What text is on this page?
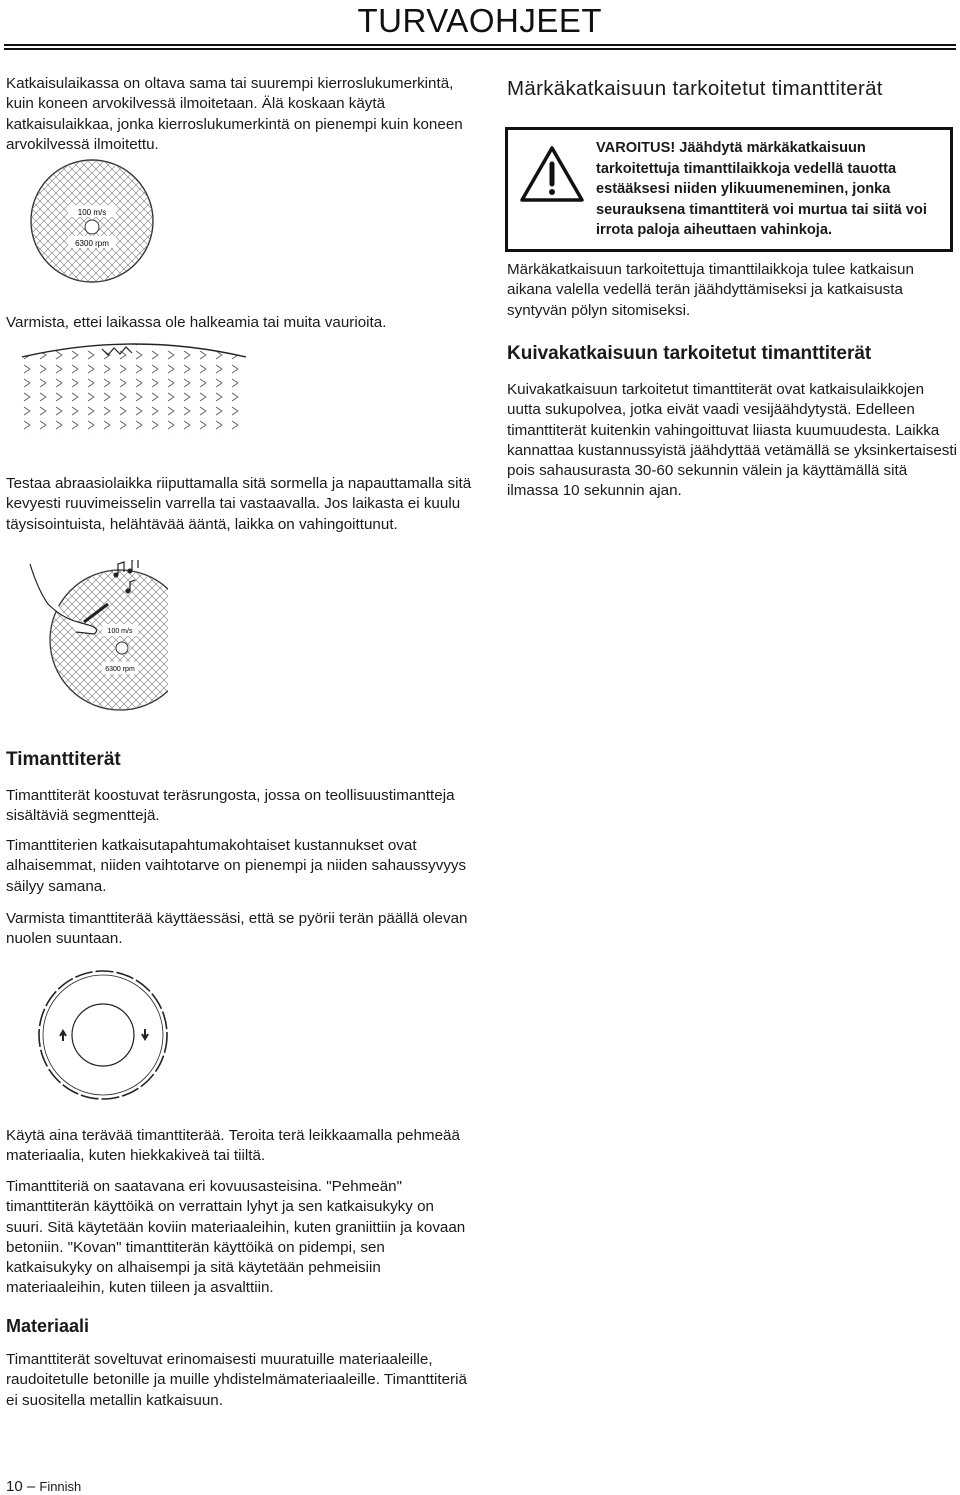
TURVAOHJEET
Katkaisulaikassa on oltava sama tai suurempi kierroslukumerkintä, kuin koneen arvokilvessä ilmoitetaan. Älä koskaan käytä katkaisulaikkaa, jonka kierroslukumerkintä on pienempi kuin koneen arvokilvessä ilmoitettu.
100 m/s
6300 rpm
Varmista, ettei laikassa ole halkeamia tai muita vaurioita.
Testaa abraasiolaikka riiputtamalla sitä sormella ja napauttamalla sitä kevyesti ruuvimeisselin varrella tai vastaavalla. Jos laikasta ei kuulu täysisointuista, helähtävää ääntä, laikka on vahingoittunut.
100 m/s
6300 rpm
Timanttiterät
Timanttiterät koostuvat teräsrungosta, jossa on teollisuustimantteja sisältäviä segmenttejä.
Timanttiterien katkaisutapahtumakohtaiset kustannukset ovat alhaisemmat, niiden vaihtotarve on pienempi ja niiden sahaussyvyys säilyy samana.
Varmista timanttiterää käyttäessäsi, että se pyörii terän päällä olevan nuolen suuntaan.
Käytä aina terävää timanttiterää. Teroita terä leikkaamalla pehmeää materiaalia, kuten hiekkakiveä tai tiiltä.
Timanttiteriä on saatavana eri kovuusasteisina. "Pehmeän" timanttiterän käyttöikä on verrattain lyhyt ja sen katkaisukyky on suuri. Sitä käytetään koviin materiaaleihin, kuten graniittiin ja kovaan betoniin. "Kovan" timanttiterän käyttöikä on pidempi, sen katkaisukyky on alhaisempi ja sitä käytetään pehmeisiin materiaaleihin, kuten tiileen ja asvalttiin.
Materiaali
Timanttiterät soveltuvat erinomaisesti muuratuille materiaaleille, raudoitetulle betonille ja muille yhdistelmämateriaaleille. Timanttiteriä ei suositella metallin katkaisuun.
Märkäkatkaisuun tarkoitetut timanttiterät
VAROITUS! Jäähdytä märkäkatkaisuun tarkoitettuja timanttilaikkoja vedellä tauotta estääksesi niiden ylikuumeneminen, jonka seurauksena timanttiterä voi murtua tai siitä voi irrota paloja aiheuttaen vahinkoja.
Märkäkatkaisuun tarkoitettuja timanttilaikkoja tulee katkaisun aikana valella vedellä terän jäähdyttämiseksi ja katkaisusta syntyvän pölyn sitomiseksi.
Kuivakatkaisuun tarkoitetut timanttiterät
Kuivakatkaisuun tarkoitetut timanttiterät ovat katkaisulaikkojen uutta sukupolvea, jotka eivät vaadi vesijäähdytystä. Edelleen timanttiterät kuitenkin vahingoittuvat liiasta kuumuudesta. Laikka kannattaa kustannussyistä jäähdyttää vetämällä se yksinkertaisesti pois sahausurasta 30-60 sekunnin välein ja käyttämällä sitä ilmassa 10 sekunnin ajan.
10 – Finnish
